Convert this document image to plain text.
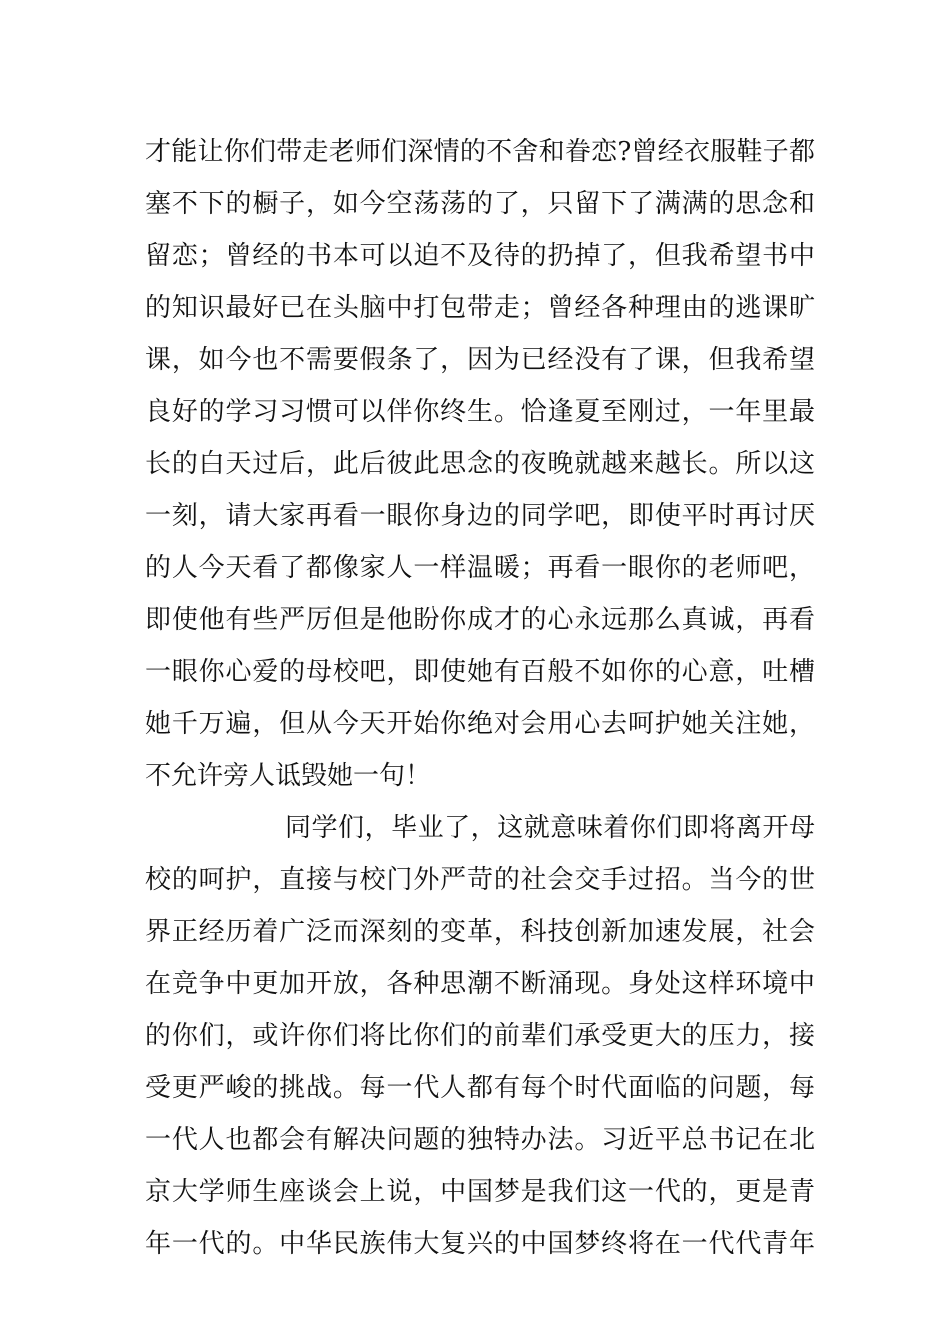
才能让你们带走老师们深情的不舍和眷恋?曾经衣服鞋子都
塞不下的橱子，如今空荡荡的了，只留下了满满的思念和
留恋；曾经的书本可以迫不及待的扔掉了，但我希望书中
的知识最好已在头脑中打包带走；曾经各种理由的逃课旷
课，如今也不需要假条了，因为已经没有了课，但我希望
良好的学习习惯可以伴你终生。恰逢夏至刚过，一年里最
长的白天过后，此后彼此思念的夜晚就越来越长。所以这
一刻，请大家再看一眼你身边的同学吧，即使平时再讨厌
的人今天看了都像家人一样温暖；再看一眼你的老师吧，
即使他有些严厉但是他盼你成才的心永远那么真诚，再看
一眼你心爱的母校吧，即使她有百般不如你的心意，吐槽
她千万遍，但从今天开始你绝对会用心去呵护她关注她，
不允许旁人诋毁她一句！
同学们，毕业了，这就意味着你们即将离开母
校的呵护，直接与校门外严苛的社会交手过招。当今的世
界正经历着广泛而深刻的变革，科技创新加速发展，社会
在竞争中更加开放，各种思潮不断涌现。身处这样环境中
的你们，或许你们将比你们的前辈们承受更大的压力，接
受更严峻的挑战。每一代人都有每个时代面临的问题，每
一代人也都会有解决问题的独特办法。习近平总书记在北
京大学师生座谈会上说，中国梦是我们这一代的，更是青
年一代的。中华民族伟大复兴的中国梦终将在一代代青年
